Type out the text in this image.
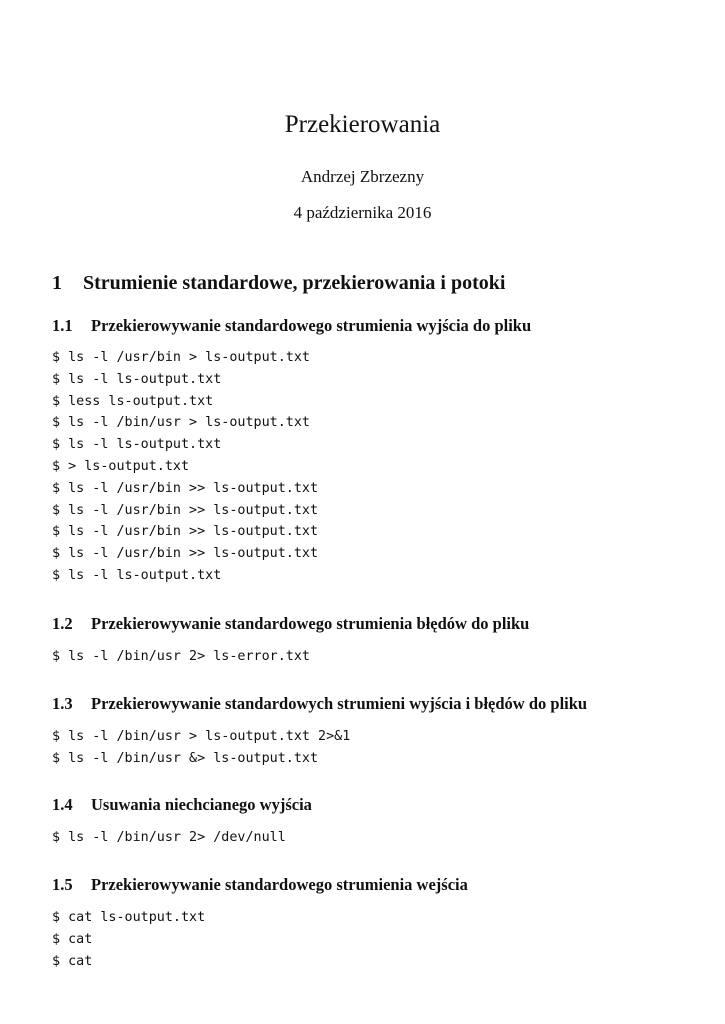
Przekierowania
Andrzej Zbrzezny
4 października 2016
1 Strumienie standardowe, przekierowania i potoki
1.1 Przekierowywanie standardowego strumienia wyjścia do pliku
$ ls -l /usr/bin > ls-output.txt
$ ls -l ls-output.txt
$ less ls-output.txt
$ ls -l /bin/usr > ls-output.txt
$ ls -l ls-output.txt
$ > ls-output.txt
$ ls -l /usr/bin >> ls-output.txt
$ ls -l /usr/bin >> ls-output.txt
$ ls -l /usr/bin >> ls-output.txt
$ ls -l /usr/bin >> ls-output.txt
$ ls -l ls-output.txt
1.2 Przekierowywanie standardowego strumienia błędów do pliku
$ ls -l /bin/usr 2> ls-error.txt
1.3 Przekierowywanie standardowych strumieni wyjścia i błędów do pliku
$ ls -l /bin/usr > ls-output.txt 2>&1
$ ls -l /bin/usr &> ls-output.txt
1.4 Usuwania niechcianego wyjścia
$ ls -l /bin/usr 2> /dev/null
1.5 Przekierowywanie standardowego strumienia wejścia
$ cat ls-output.txt
$ cat
$ cat
